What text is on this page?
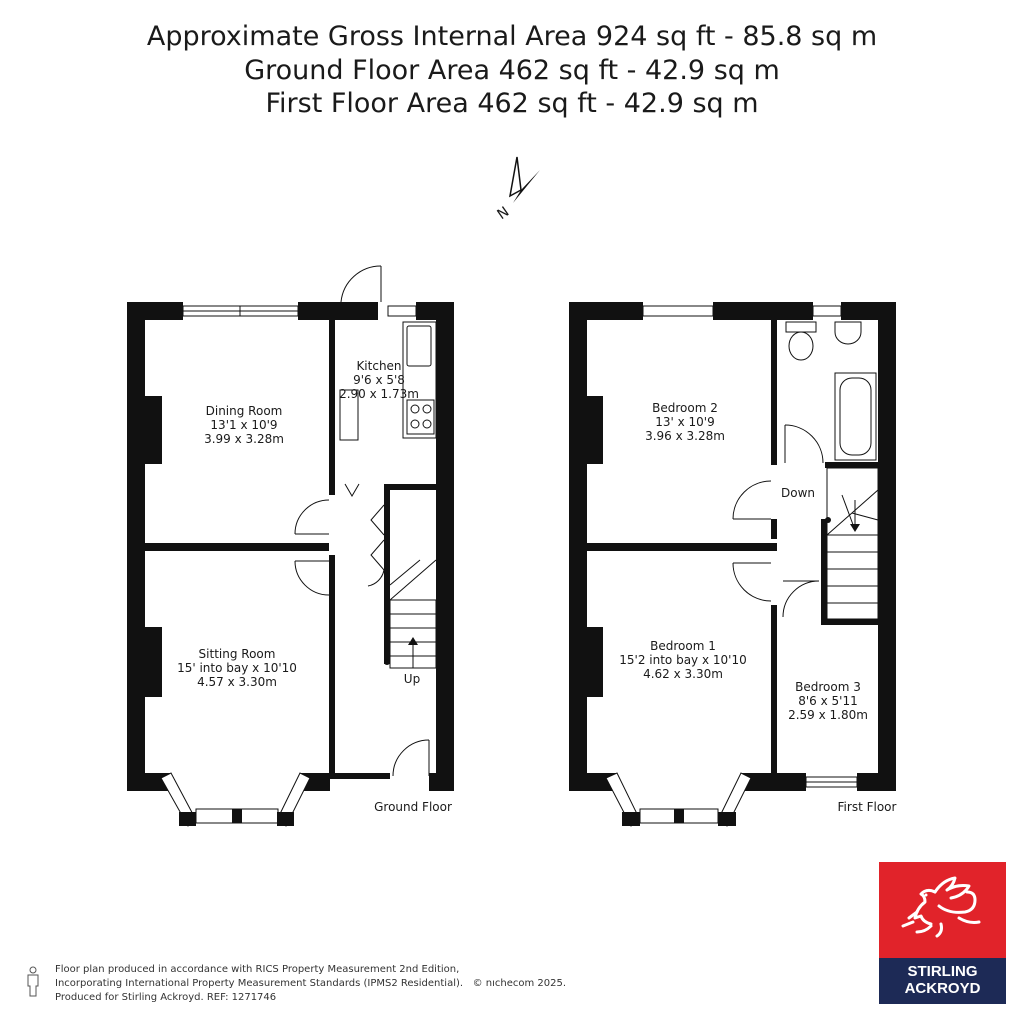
Approximate Gross Internal Area 924 sq ft - 85.8 sq m
Ground Floor Area 462 sq ft - 42.9 sq m
First Floor Area 462 sq ft - 42.9 sq m
N
Dining Room
13'1 x 10'9
3.99 x 3.28m
Kitchen
9'6 x 5'8
2.90 x 1.73m
Sitting Room
15' into bay x 10'10
4.57 x 3.30m	Up
Ground Floor
Bedroom 2
13' x 10'9
3.96 x 3.28m
Bedroom 1
15'2 into bay x 10'10
4.62 x 3.30m
Bedroom 3
8'6 x 5'11
2.59 x 1.80m
Down
First Floor
Floor plan produced in accordance with RICS Property Measurement 2nd Edition,
Incorporating International Property Measurement Standards (IPMS2 Residential). © nıchecom 2025.
Produced for Stirling Ackroyd. REF: 1271746
STIRLING
ACKROYD
